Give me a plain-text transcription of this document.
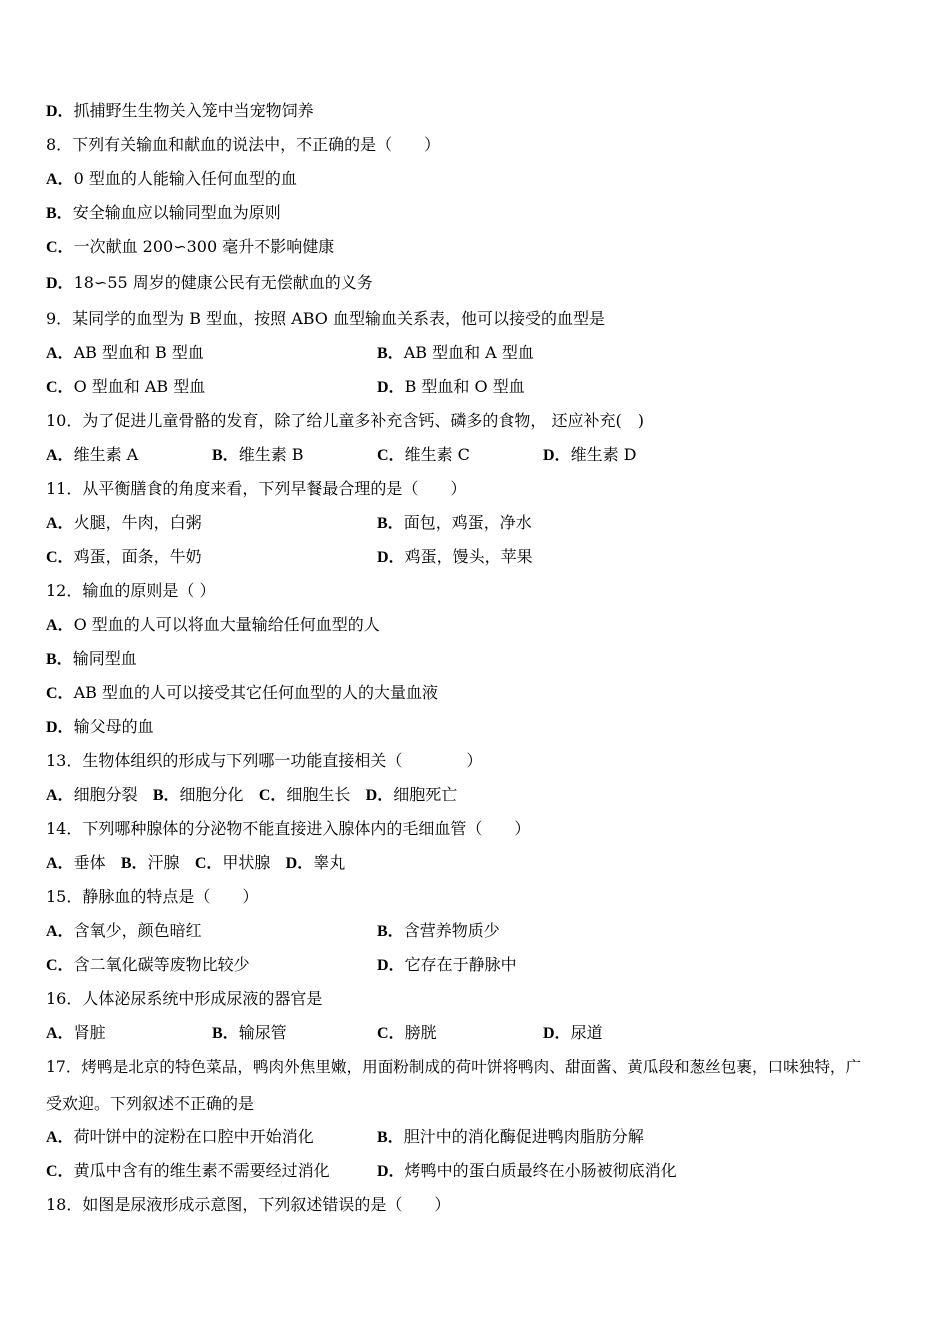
D．抓捕野生生物关入笼中当宠物饲养
8．下列有关输血和献血的说法中，不正确的是（　　）
A．0 型血的人能输入任何血型的血
B．安全输血应以输同型血为原则
C．一次献血 200∽300 毫升不影响健康
D．18∽55 周岁的健康公民有无偿献血的义务
9．某同学的血型为 B 型血，按照 ABO 血型输血关系表，他可以接受的血型是
A．AB 型血和 B 型血	B．AB 型血和 A 型血
C．O 型血和 AB 型血	D．B 型血和 O 型血
10．为了促进儿童骨骼的发育，除了给儿童多补充含钙、磷多的食物， 还应补充(　)
A．维生素 A	B．维生素 B	C．维生素 C	D．维生素 D
11．从平衡膳食的角度来看，下列早餐最合理的是（　　）
A．火腿，牛肉，白粥	B．面包，鸡蛋，净水
C．鸡蛋，面条，牛奶	D．鸡蛋，馒头，苹果
12．输血的原则是（ ）
A．O 型血的人可以将血大量输给任何血型的人
B．输同型血
C．AB 型血的人可以接受其它任何血型的人的大量血液
D．输父母的血
13．生物体组织的形成与下列哪一功能直接相关（　　　　）
A．细胞分裂 B．细胞分化 C．细胞生长 D．细胞死亡
14．下列哪种腺体的分泌物不能直接进入腺体内的毛细血管（　　）
A．垂体 B．汗腺 C．甲状腺 D．睾丸
15．静脉血的特点是（　　）
A．含氧少，颜色暗红	B．含营养物质少
C．含二氧化碳等废物比较少	D．它存在于静脉中
16．人体泌尿系统中形成尿液的器官是
A．肾脏	B．输尿管	C．膀胱	D．尿道
17．烤鸭是北京的特色菜品，鸭肉外焦里嫩，用面粉制成的荷叶饼将鸭肉、甜面酱、黄瓜段和葱丝包裹，口味独特，广
受欢迎。下列叙述不正确的是
A．荷叶饼中的淀粉在口腔中开始消化	B．胆汁中的消化酶促进鸭肉脂肪分解
C．黄瓜中含有的维生素不需要经过消化	D．烤鸭中的蛋白质最终在小肠被彻底消化
18．如图是尿液形成示意图，下列叙述错误的是（　　）
